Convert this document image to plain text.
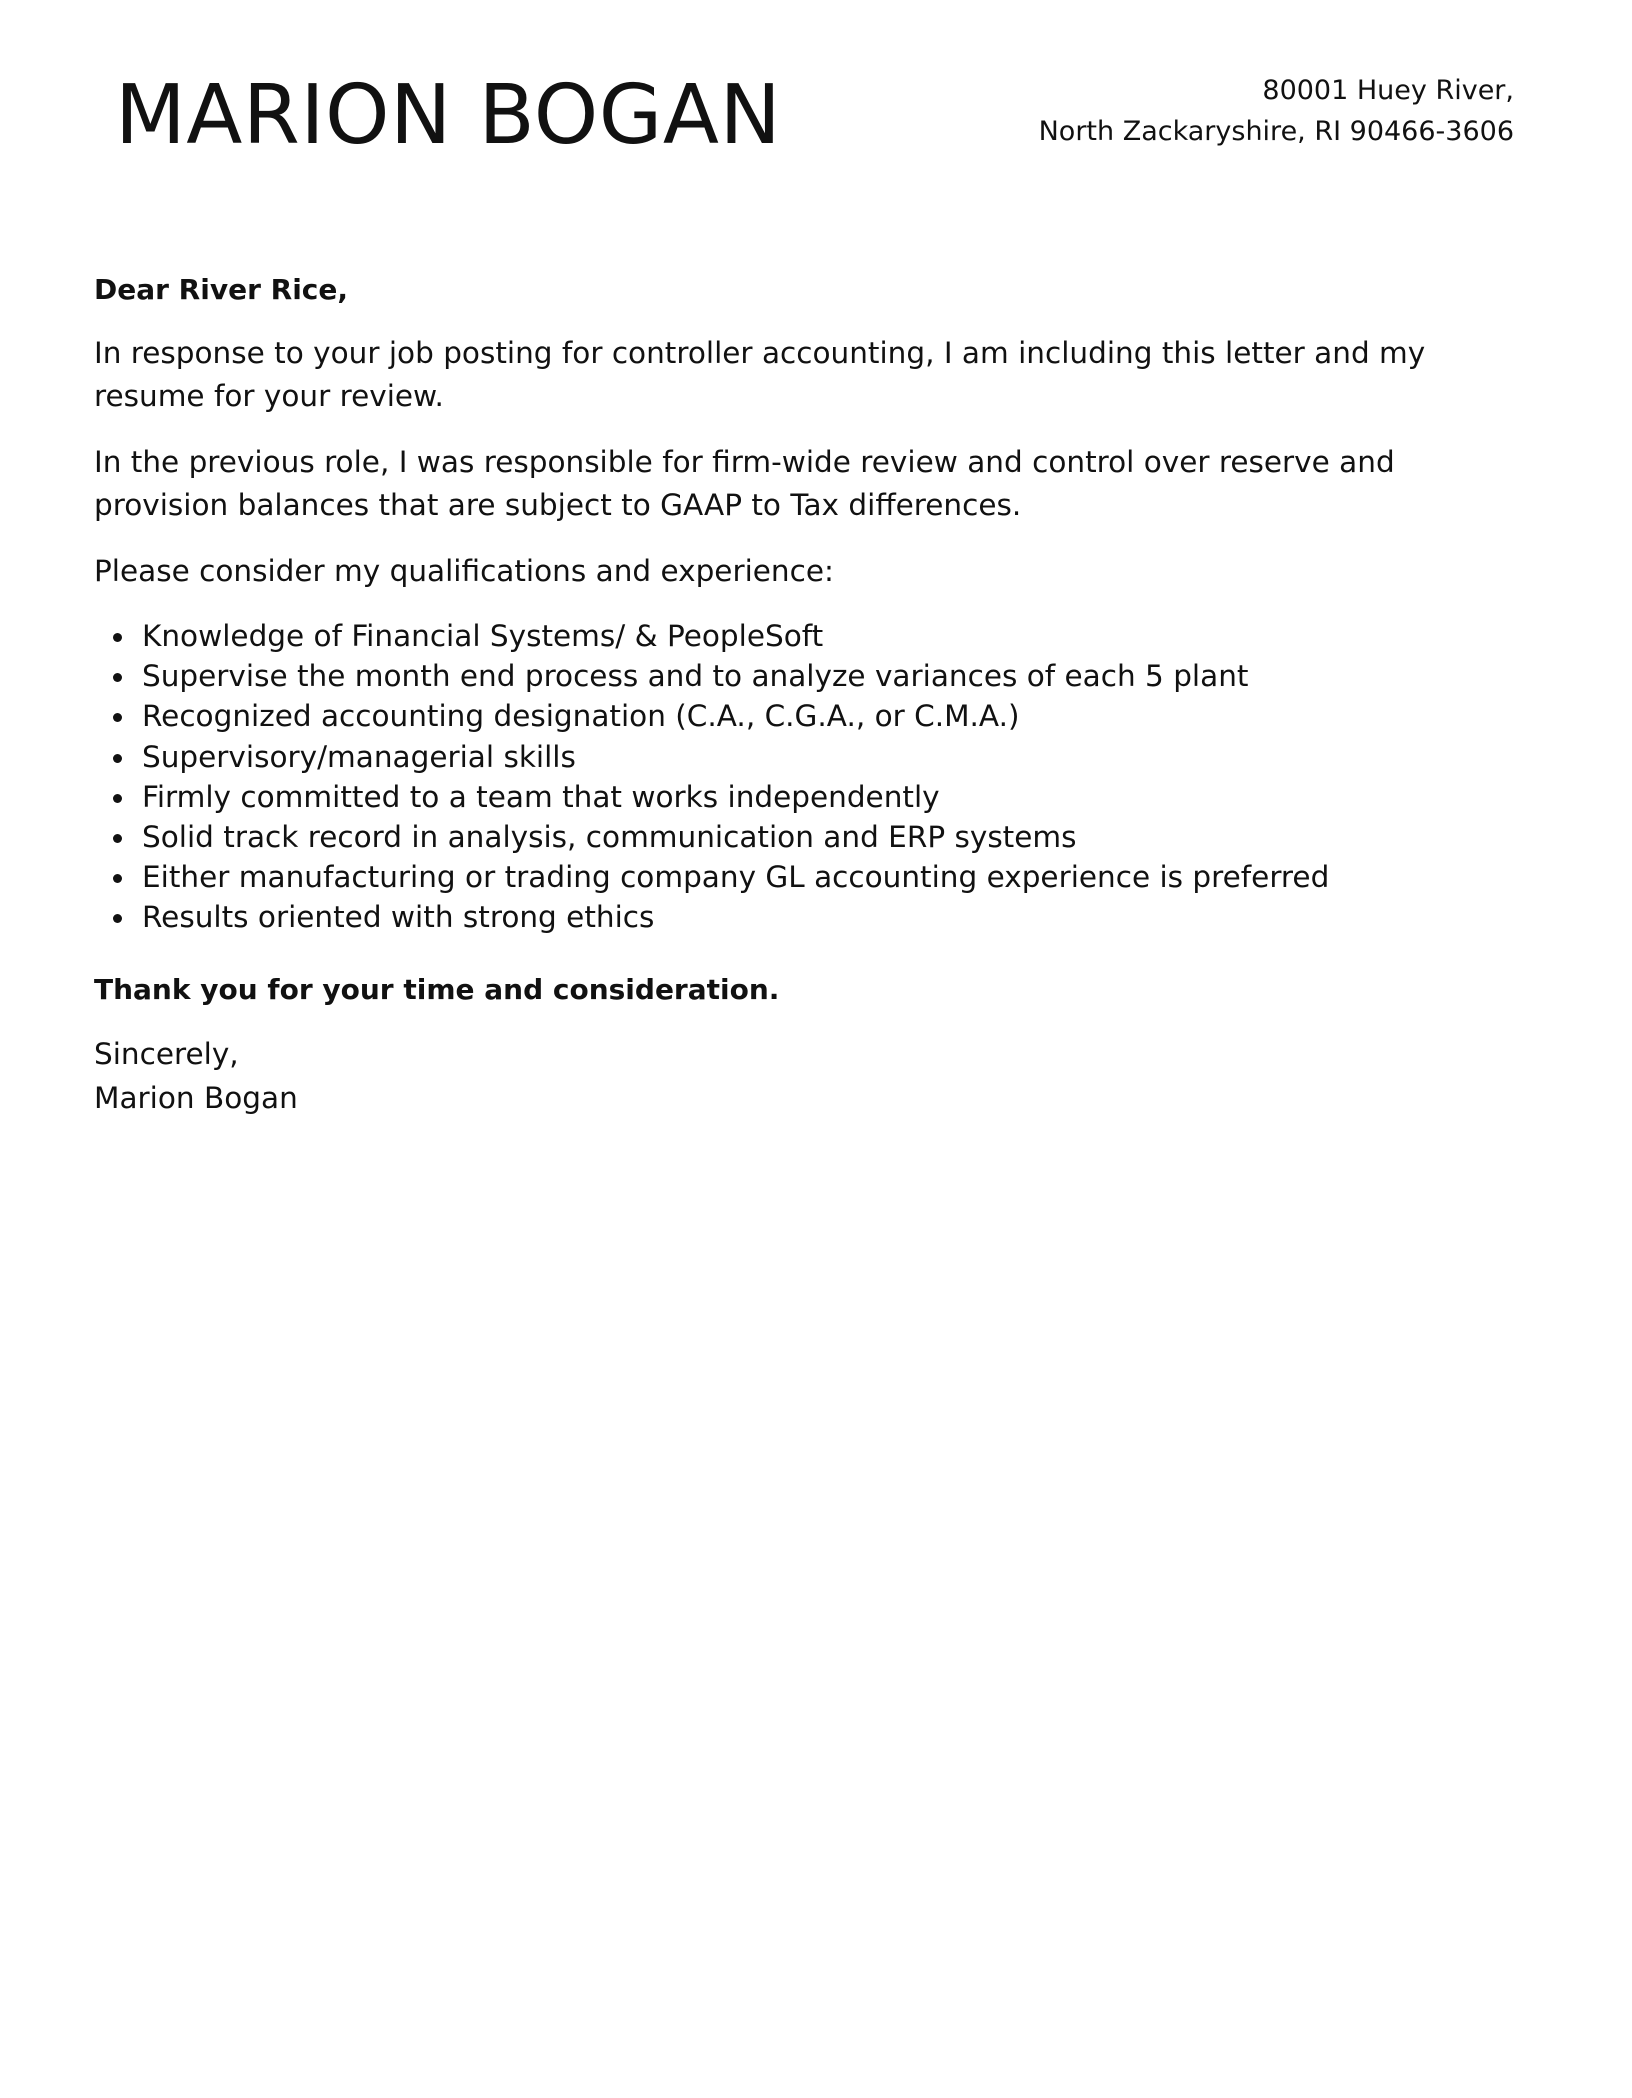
MARION BOGAN	80001 Huey River,
North Zackaryshire, RI 90466-3606

Dear River Rice,

In response to your job posting for controller accounting, I am including this letter and my resume for your review.

In the previous role, I was responsible for firm-wide review and control over reserve and provision balances that are subject to GAAP to Tax differences.

Please consider my qualifications and experience:

Knowledge of Financial Systems/ & PeopleSoft
Supervise the month end process and to analyze variances of each 5 plant
Recognized accounting designation (C.A., C.G.A., or C.M.A.)
Supervisory/managerial skills
Firmly committed to a team that works independently
Solid track record in analysis, communication and ERP systems
Either manufacturing or trading company GL accounting experience is preferred
Results oriented with strong ethics

Thank you for your time and consideration.

Sincerely,
Marion Bogan
